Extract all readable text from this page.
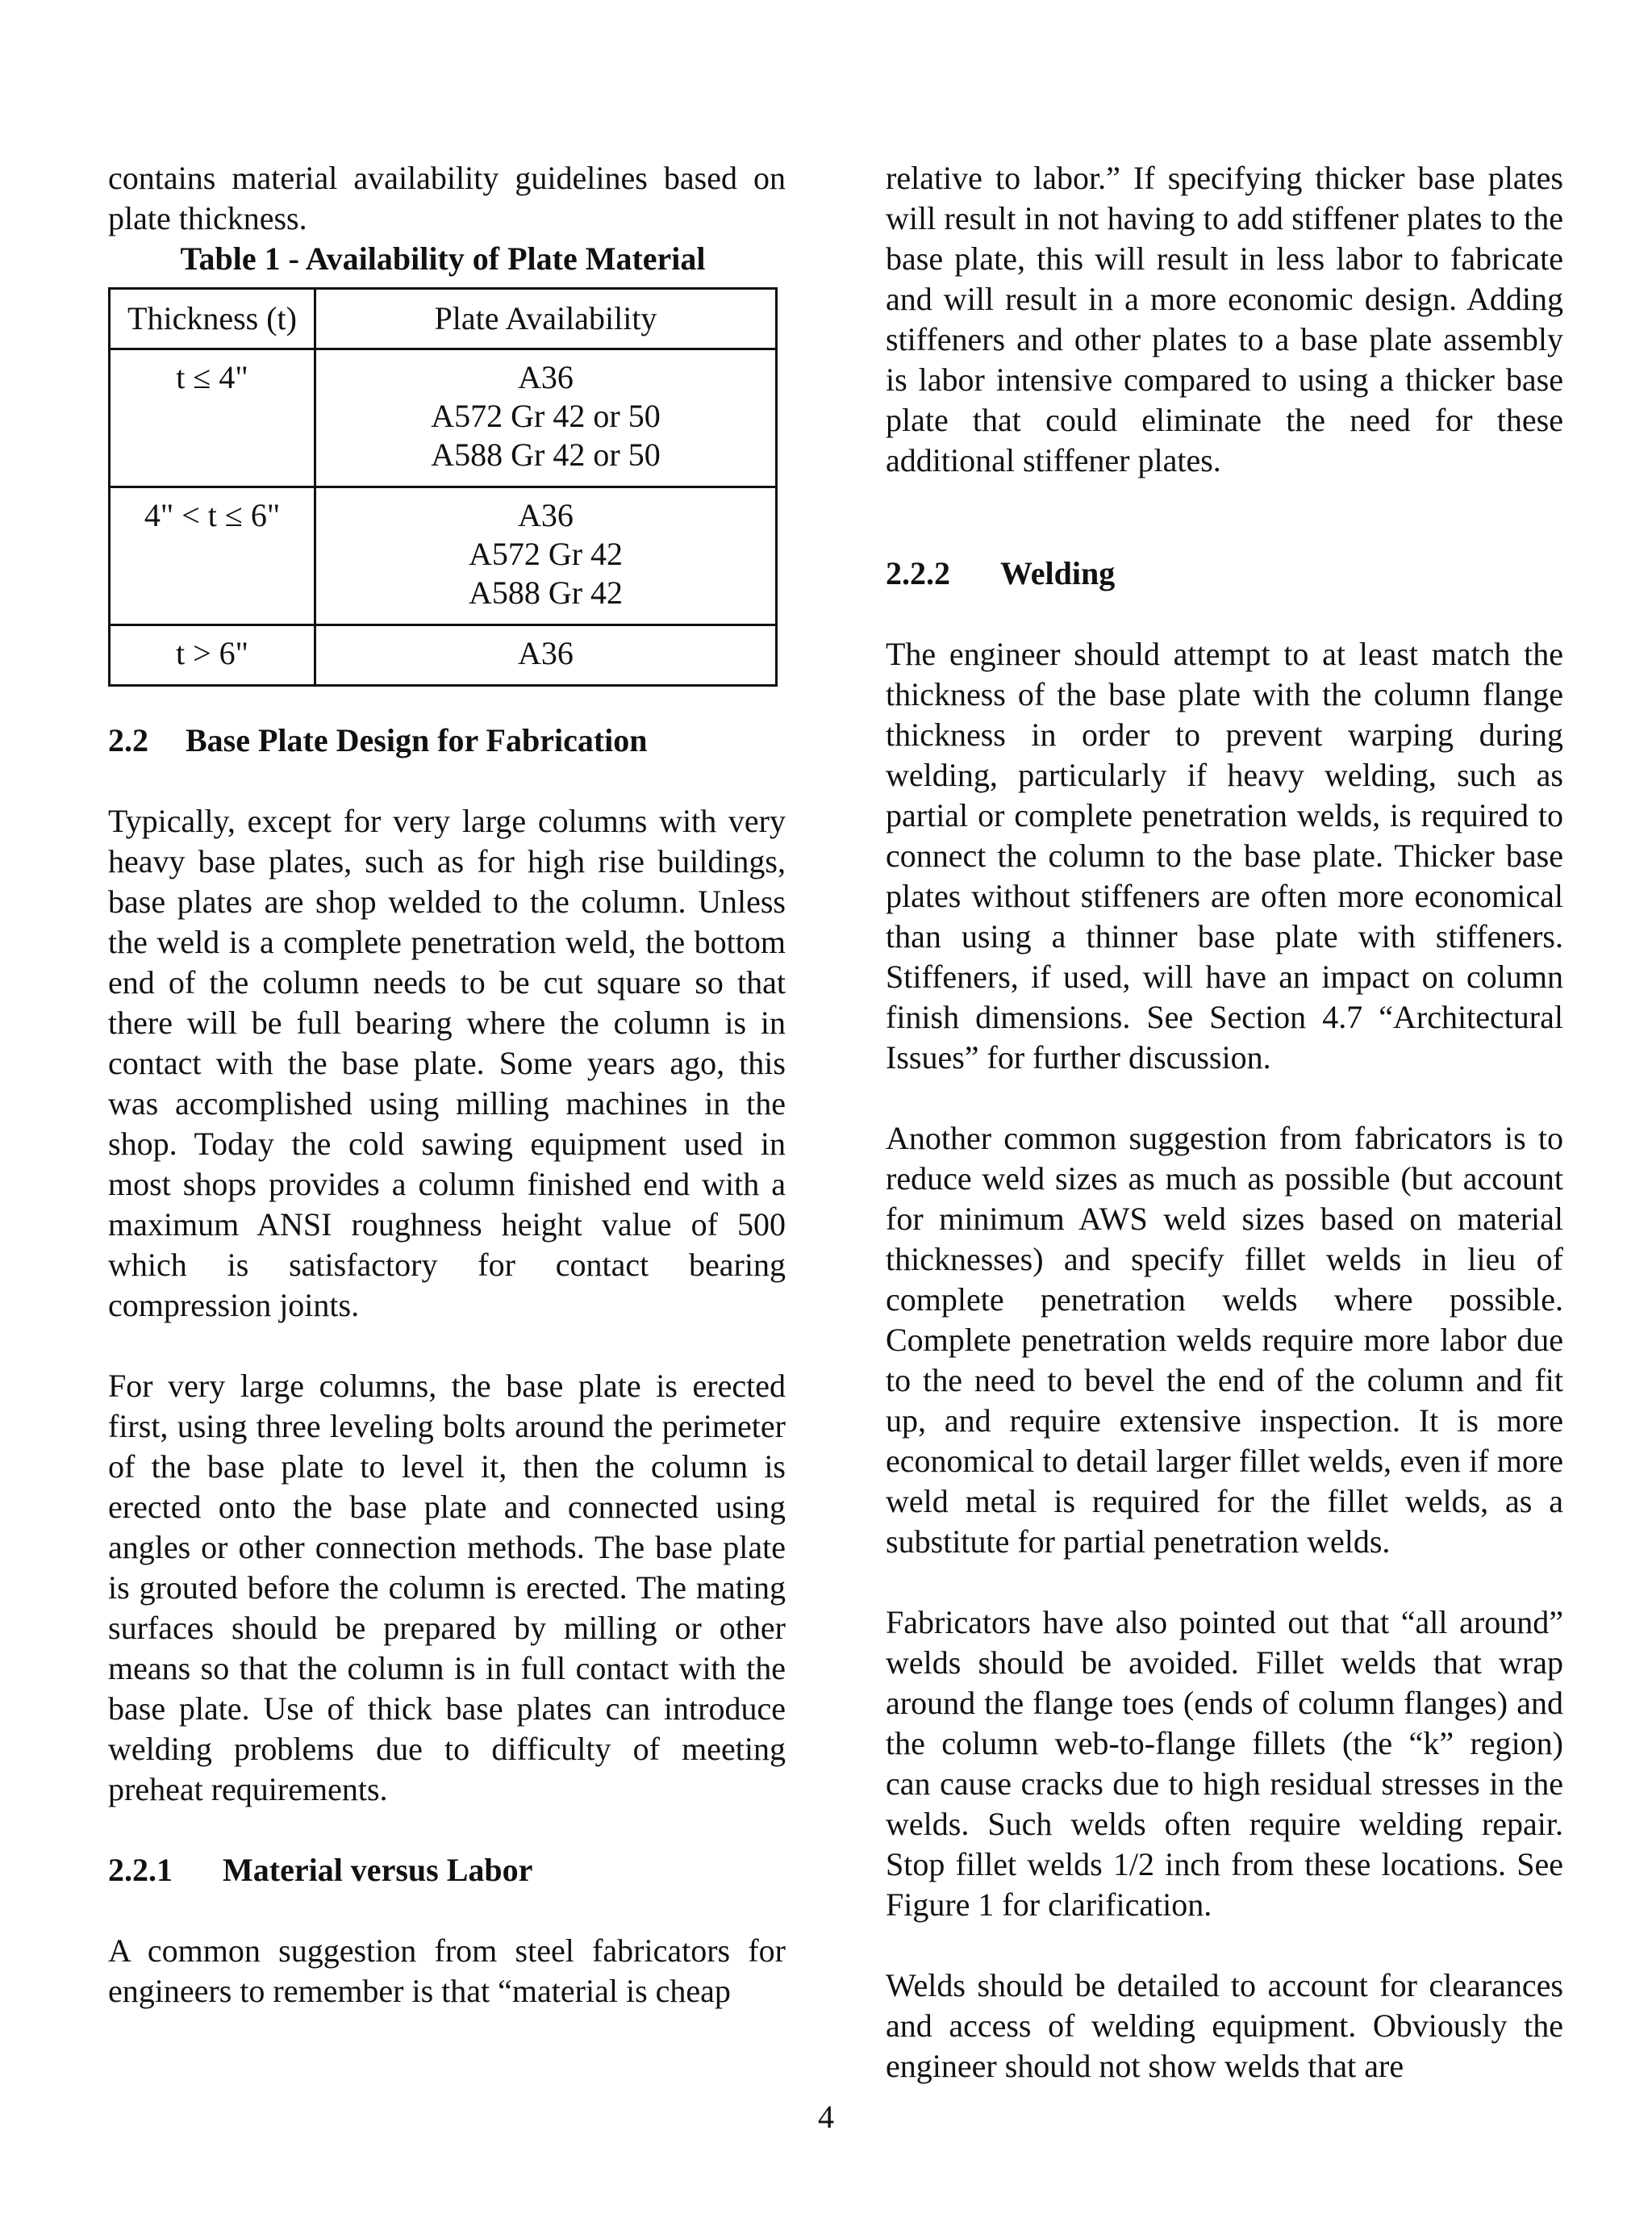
contains material availability guidelines based on plate thickness.

Table 1 - Availability of Plate Material
Thickness (t)	Plate Availability
t ≤ 4"	A36
A572 Gr 42 or 50
A588 Gr 42 or 50

4" < t ≤ 6"	A36
A572 Gr 42
A588 Gr 42

t > 6"	A36
2.2 Base Plate Design for Fabrication

Typically, except for very large columns with very heavy base plates, such as for high rise buildings, base plates are shop welded to the column. Unless the weld is a complete penetration weld, the bottom end of the column needs to be cut square so that there will be full bearing where the column is in contact with the base plate. Some years ago, this was accomplished using milling machines in the shop. Today the cold sawing equipment used in most shops provides a column finished end with a maximum ANSI roughness height value of 500 which is satisfactory for contact bearing compression joints.

For very large columns, the base plate is erected first, using three leveling bolts around the perimeter of the base plate to level it, then the column is erected onto the base plate and connected using angles or other connection methods. The base plate is grouted before the column is erected. The mating surfaces should be prepared by milling or other means so that the column is in full contact with the base plate. Use of thick base plates can introduce welding problems due to difficulty of meeting preheat requirements.

2.2.1 Material versus Labor

A common suggestion from steel fabricators for engineers to remember is that “material is cheap

relative to labor.” If specifying thicker base plates will result in not having to add stiffener plates to the base plate, this will result in less labor to fabricate and will result in a more economic design. Adding stiffeners and other plates to a base plate assembly is labor intensive compared to using a thicker base plate that could eliminate the need for these additional stiffener plates.

2.2.2 Welding

The engineer should attempt to at least match the thickness of the base plate with the column flange thickness in order to prevent warping during welding, particularly if heavy welding, such as partial or complete penetration welds, is required to connect the column to the base plate. Thicker base plates without stiffeners are often more economical than using a thinner base plate with stiffeners. Stiffeners, if used, will have an impact on column finish dimensions. See Section 4.7 “Architectural Issues” for further discussion.

Another common suggestion from fabricators is to reduce weld sizes as much as possible (but account for minimum AWS weld sizes based on material thicknesses) and specify fillet welds in lieu of complete penetration welds where possible. Complete penetration welds require more labor due to the need to bevel the end of the column and fit up, and require extensive inspection. It is more economical to detail larger fillet welds, even if more weld metal is required for the fillet welds, as a substitute for partial penetration welds.

Fabricators have also pointed out that “all around” welds should be avoided. Fillet welds that wrap around the flange toes (ends of column flanges) and the column web-to-flange fillets (the “k” region) can cause cracks due to high residual stresses in the welds. Such welds often require welding repair. Stop fillet welds 1/2 inch from these locations. See Figure 1 for clarification.

Welds should be detailed to account for clearances and access of welding equipment. Obviously the engineer should not show welds that are

4
